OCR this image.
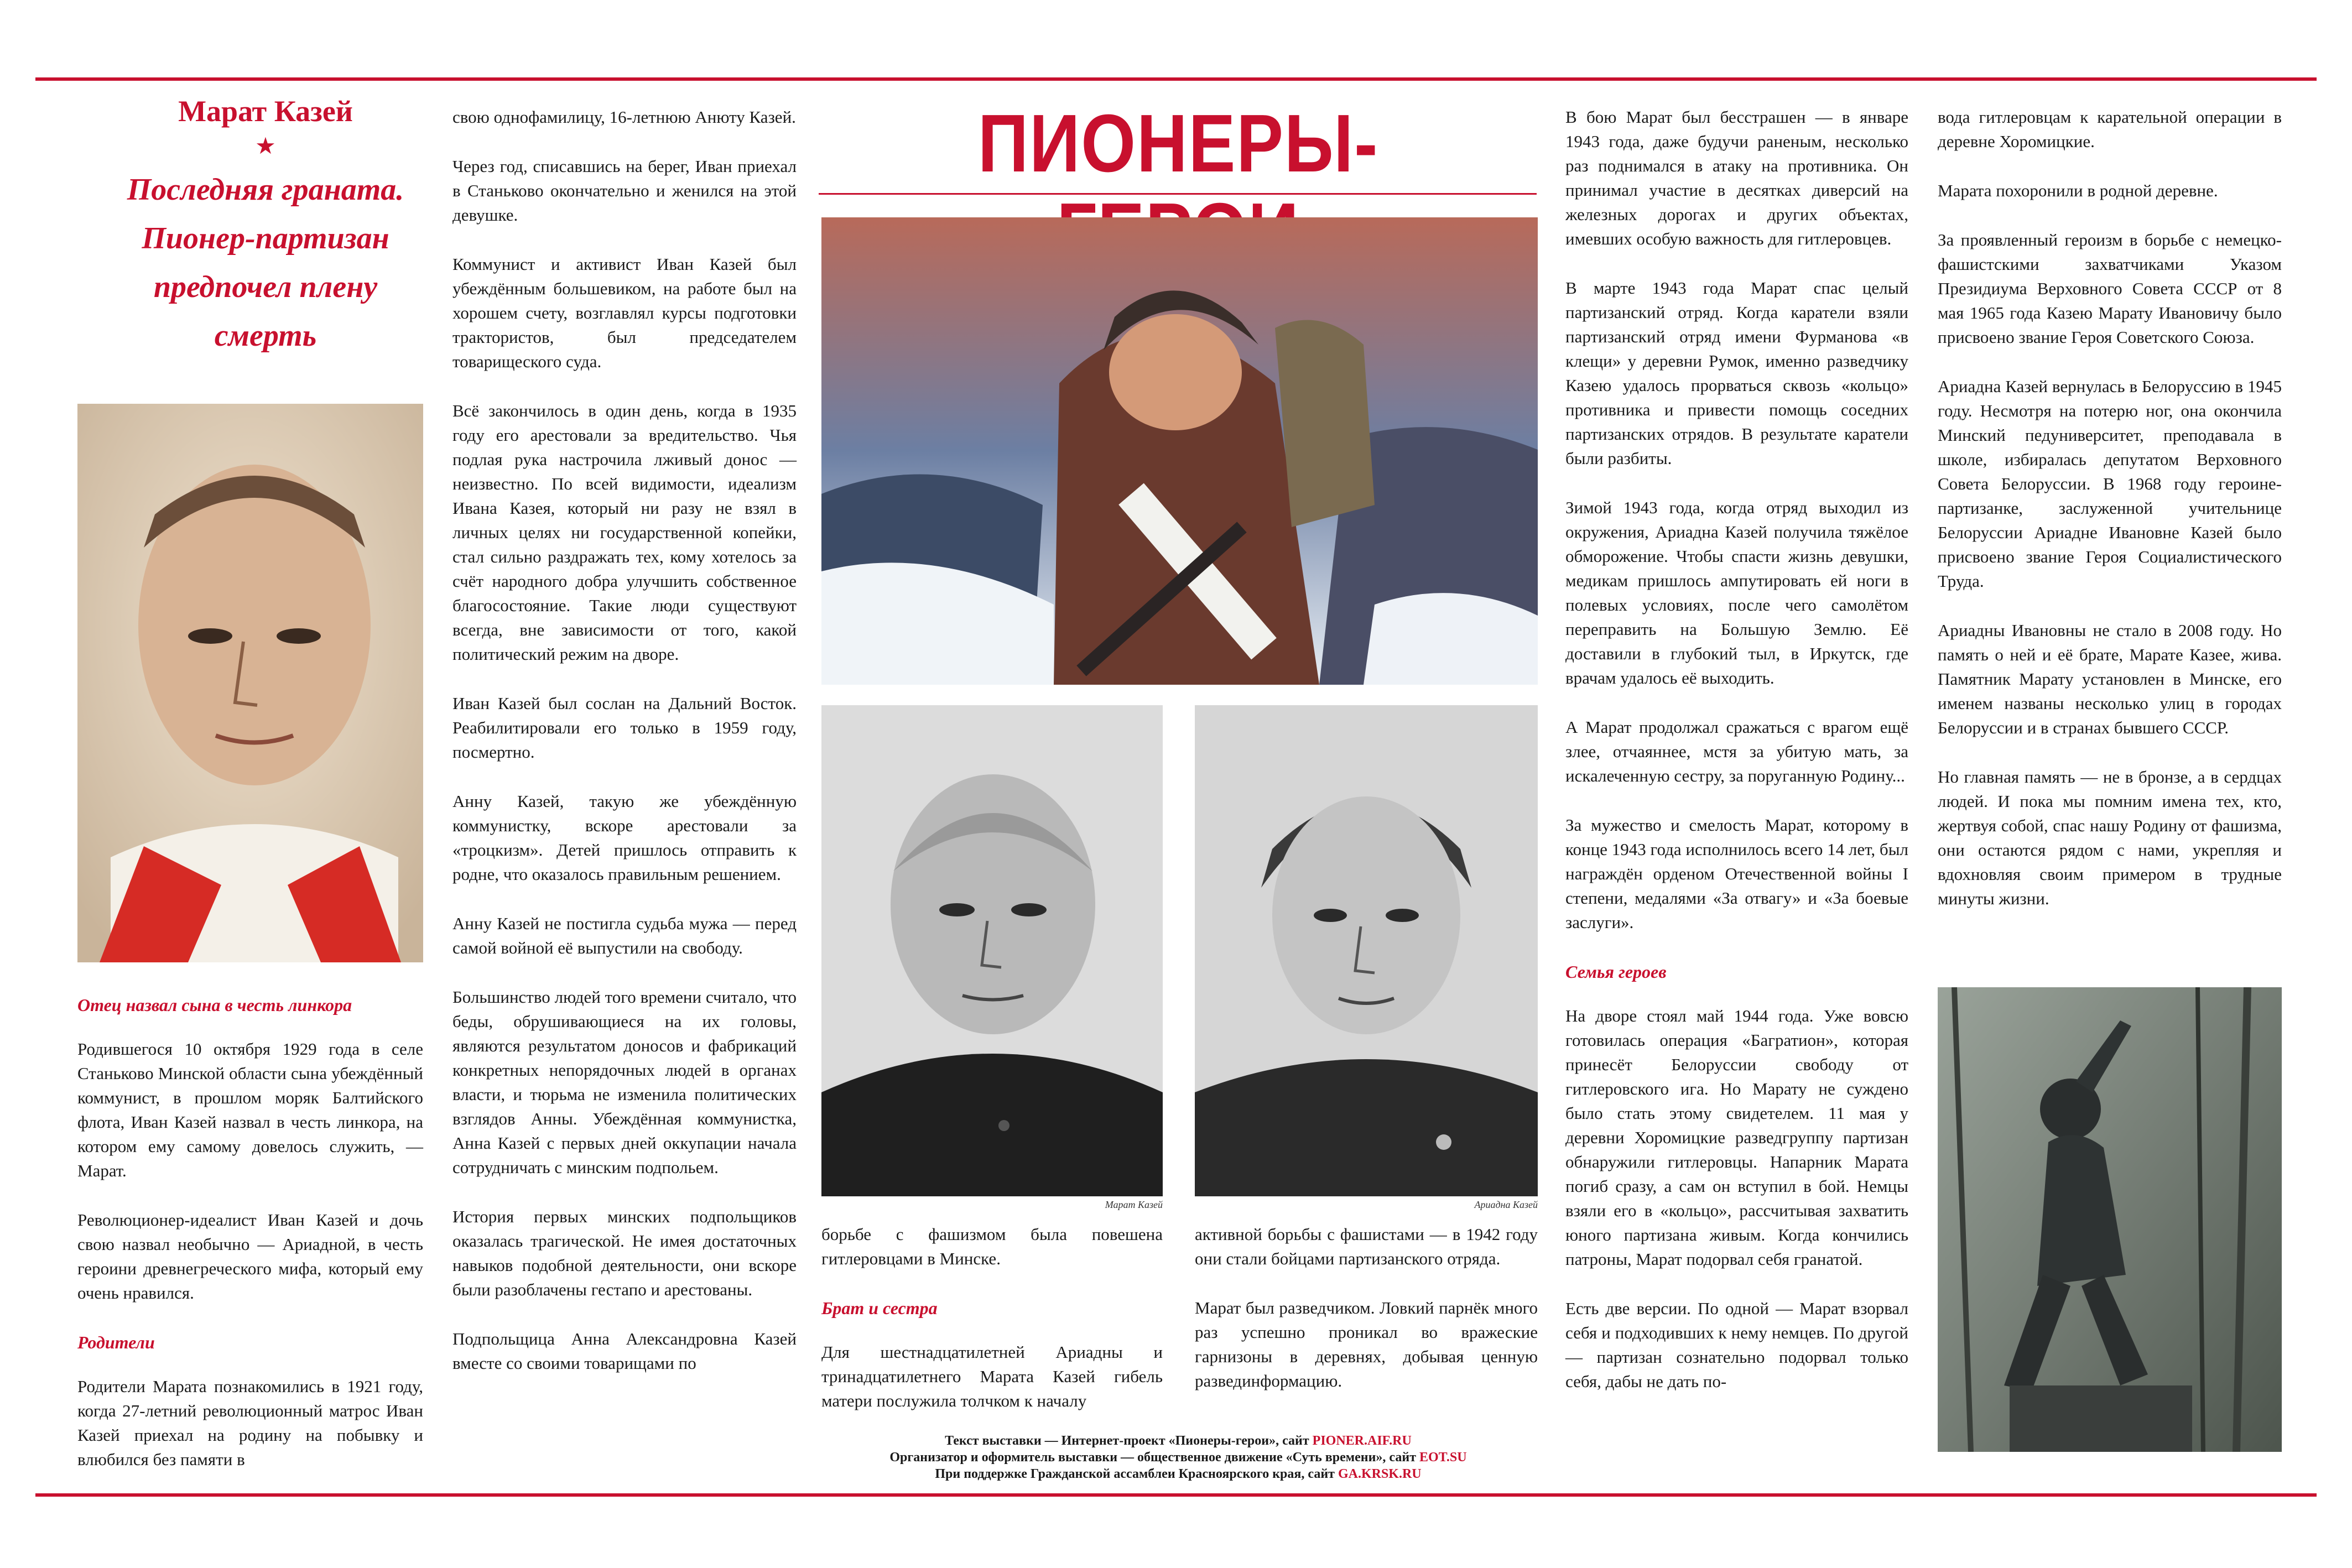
Марат Казей
★
Последняя граната.
Пионер-партизан
предпочел плену
смерть
Отец назвал сына в честь линкора

Родившегося 10 октября 1929 года в селе Станьково Минской области сына убеждённый коммунист, в прошлом моряк Балтийского флота, Иван Казей назвал в честь линкора, на котором ему самому довелось служить, — Марат.

Революционер-идеалист Иван Казей и дочь свою назвал необычно — Ариадной, в честь героини древнегреческого мифа, который ему очень нравился.

Родители

Родители Марата познакомились в 1921 году, когда 27-летний революционный матрос Иван Казей приехал на родину на побывку и влюбился без памяти в

свою однофамилицу, 16-летнюю Анюту Казей.

Через год, списавшись на берег, Иван приехал в Станьково окончательно и женился на этой девушке.

Коммунист и активист Иван Казей был убеждённым большевиком, на работе был на хорошем счету, возглавлял курсы подготовки трактористов, был председателем товарищеского суда.

Всё закончилось в один день, когда в 1935 году его арестовали за вредительство. Чья подлая рука настрочила лживый донос — неизвестно. По всей видимости, идеализм Ивана Казея, который ни разу не взял в личных целях ни государственной копейки, стал сильно раздражать тех, кому хотелось за счёт народного добра улучшить собственное благосостояние. Такие люди существуют всегда, вне зависимости от того, какой политический режим на дворе.

Иван Казей был сослан на Дальний Восток. Реабилитировали его только в 1959 году, посмертно.

Анну Казей, такую же убеждённую коммунистку, вскоре арестовали за «троцкизм». Детей пришлось отправить к родне, что оказалось правильным решением.

Анну Казей не постигла судьба мужа — перед самой войной её выпустили на свободу.

Большинство людей того времени считало, что беды, обрушивающиеся на их головы, являются результатом доносов и фабрикаций конкретных непорядочных людей в органах власти, и тюрьма не изменила политических взглядов Анны. Убеждённая коммунистка, Анна Казей с первых дней оккупации начала сотрудничать с минским подпольем.

История первых минских подпольщиков оказалась трагической. Не имея достаточных навыков подобной деятельности, они вскоре были разоблачены гестапо и арестованы.

Подпольщица Анна Александровна Казей вместе со своими товарищами по

ПИОНЕРЫ-
Марат Казей	Ариадна Казей

борьбе с фашизмом была повешена гитлеровцами в Минске.

Брат и сестра

Для шестнадцатилетней Ариадны и тринадцатилетнего Марата Казей гибель матери послужила толчком к началу

активной борьбы с фашистами — в 1942 году они стали бойцами партизанского отряда.

Марат был разведчиком. Ловкий парнёк много раз успешно проникал во вражеские гарнизоны в деревнях, добывая ценную развединформацию.

Текст выставки — Интернет-проект «Пионеры-герои», сайт PIONER.AIF.RU
Организатор и оформитель выставки — общественное движение «Суть времени», сайт EOT.SU
При поддержке Гражданской ассамблеи Красноярского края, сайт GA.KRSK.RU

В бою Марат был бесстрашен — в январе 1943 года, даже будучи раненым, несколько раз поднимался в атаку на противника. Он принимал участие в десятках диверсий на железных дорогах и других объектах, имевших особую важность для гитлеровцев.

В марте 1943 года Марат спас целый партизанский отряд. Когда каратели взяли партизанский отряд имени Фурманова «в клещи» у деревни Румок, именно разведчику Казею удалось прорваться сквозь «кольцо» противника и привести помощь соседних партизанских отрядов. В результате каратели были разбиты.

Зимой 1943 года, когда отряд выходил из окружения, Ариадна Казей получила тяжёлое обморожение. Чтобы спасти жизнь девушки, медикам пришлось ампутировать ей ноги в полевых условиях, после чего самолётом переправить на Большую Землю. Её доставили в глубокий тыл, в Иркутск, где врачам удалось её выходить.

А Марат продолжал сражаться с врагом ещё злее, отчаяннее, мстя за убитую мать, за искалеченную сестру, за поруганную Родину...

За мужество и смелость Марат, которому в конце 1943 года исполнилось всего 14 лет, был награждён орденом Отечественной войны I степени, медалями «За отвагу» и «За боевые заслуги».

Семья героев

На дворе стоял май 1944 года. Уже вовсю готовилась операция «Багратион», которая принесёт Белоруссии свободу от гитлеровского ига. Но Марату не суждено было стать этому свидетелем. 11 мая у деревни Хоромицкие разведгруппу партизан обнаружили гитлеровцы. Напарник Марата погиб сразу, а сам он вступил в бой. Немцы взяли его в «кольцо», рассчитывая захватить юного партизана живым. Когда кончились патроны, Марат подорвал себя гранатой.

Есть две версии. По одной — Марат взорвал себя и подходивших к нему немцев. По другой — партизан сознательно подорвал только себя, дабы не дать по-

вода гитлеровцам к карательной операции в деревне Хоромицкие.

Марата похоронили в родной деревне.

За проявленный героизм в борьбе с немецко-фашистскими захватчиками Указом Президиума Верховного Совета СССР от 8 мая 1965 года Казею Марату Ивановичу было присвоено звание Героя Советского Союза.

Ариадна Казей вернулась в Белоруссию в 1945 году. Несмотря на потерю ног, она окончила Минский педуниверситет, преподавала в школе, избиралась депутатом Верховного Совета Белоруссии. В 1968 году героине-партизанке, заслуженной учительнице Белоруссии Ариадне Ивановне Казей было присвоено звание Героя Социалистического Труда.

Ариадны Ивановны не стало в 2008 году. Но память о ней и её брате, Марате Казее, жива. Памятник Марату установлен в Минске, его именем названы несколько улиц в городах Белоруссии и в странах бывшего СССР.

Но главная память — не в бронзе, а в сердцах людей. И пока мы помним имена тех, кто, жертвуя собой, спас нашу Родину от фашизма, они остаются рядом с нами, укрепляя и вдохновляя своим примером в трудные минуты жизни.
